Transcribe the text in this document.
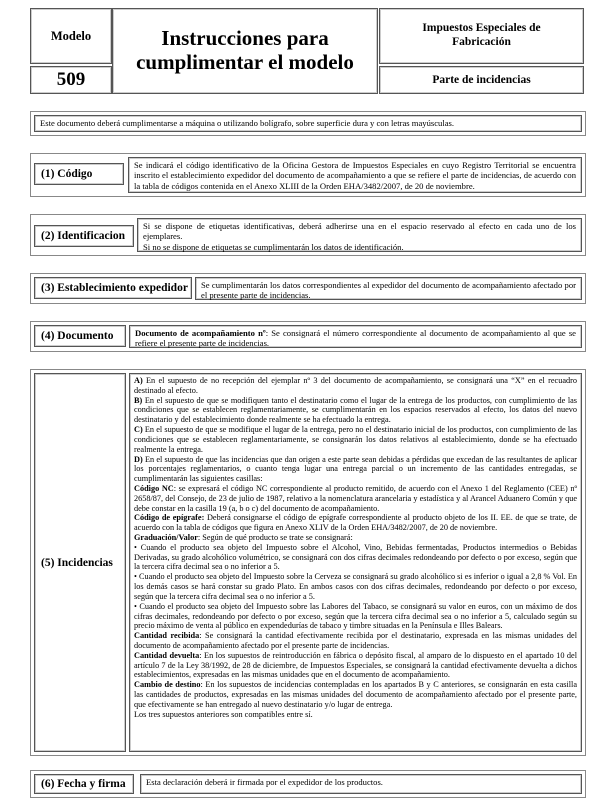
Modelo
509
Instrucciones para cumplimentar el modelo
Impuestos Especiales de Fabricación
Parte de incidencias
Este documento deberá cumplimentarse a máquina o utilizando bolígrafo, sobre superficie dura y con letras mayúsculas.
(1) Código
Se indicará el código identificativo de la Oficina Gestora de Impuestos Especiales en cuyo Registro Territorial se encuentra inscrito el establecimiento expedidor del documento de acompañamiento a que se refiere el parte de incidencias, de acuerdo con la tabla de códigos contenida en el Anexo XLIII de la Orden EHA/3482/2007, de 20 de noviembre.
(2) Identificacion
Si se dispone de etiquetas identificativas, deberá adherirse una en el espacio reservado al efecto en cada uno de los ejemplares.
Si no se dispone de etiquetas se cumplimentarán los datos de identificación.
(3) Establecimiento expedidor	Se cumplimentarán los datos correspondientes al expedidor del documento de acompañamiento afectado por el presente parte de incidencias.
(4) Documento	Documento de acompañamiento nº: Se consignará el número correspondiente al documento de acompañamiento al que se refiere el presente parte de incidencias.
(5) Incidencias

A) En el supuesto de no recepción del ejemplar nº 3 del documento de acompañamiento, se consignará una “X” en el recuadro destinado al efecto.

B) En el supuesto de que se modifiquen tanto el destinatario como el lugar de la entrega de los productos, con cumplimiento de las condiciones que se establecen reglamentariamente, se cumplimentarán en los espacios reservados al efecto, los datos del nuevo destinatario y del establecimiento donde realmente se ha efectuado la entrega.

C) En el supuesto de que se modifique el lugar de la entrega, pero no el destinatario inicial de los productos, con cumplimiento de las condiciones que se establecen reglamentariamente, se consignarán los datos relativos al establecimiento, donde se ha efectuado realmente la entrega.

D) En el supuesto de que las incidencias que dan origen a este parte sean debidas a pérdidas que excedan de las resultantes de aplicar los porcentajes reglamentarios, o cuanto tenga lugar una entrega parcial o un incremento de las cantidades entregadas, se cumplimentarán las siguientes casillas:

Código NC: se expresará el código NC correspondiente al producto remitido, de acuerdo con el Anexo 1 del Reglamento (CEE) nº 2658/87, del Consejo, de 23 de julio de 1987, relativo a la nomenclatura arancelaria y estadística y al Arancel Aduanero Común y que debe constar en la casilla 19 (a, b o c) del documento de acompañamiento.

Código de epígrafe: Deberá consignarse el código de epígrafe correspondiente al producto objeto de los II. EE. de que se trate, de acuerdo con la tabla de códigos que figura en Anexo XLIV de la Orden EHA/3482/2007, de 20 de noviembre.

Graduación/Valor: Según de qué producto se trate se consignará:

• Cuando el producto sea objeto del Impuesto sobre el Alcohol, Vino, Bebidas fermentadas, Productos intermedios o Bebidas Derivadas, su grado alcohólico volumétrico, se consignará con dos cifras decimales redondeando por defecto o por exceso, según que la tercera cifra decimal sea o no inferior a 5.

• Cuando el producto sea objeto del Impuesto sobre la Cerveza se consignará su grado alcohólico si es inferior o igual a 2,8 % Vol. En los demás casos se hará constar su grado Plato. En ambos casos con dos cifras decimales, redondeando por defecto o por exceso, según que la tercera cifra decimal sea o no inferior a 5.

• Cuando el producto sea objeto del Impuesto sobre las Labores del Tabaco, se consignará su valor en euros, con un máximo de dos cifras decimales, redondeando por defecto o por exceso, según que la tercera cifra decimal sea o no inferior a 5, calculado según su precio máximo de venta al público en expendedurías de tabaco y timbre situadas en la Península e Illes Balears.

Cantidad recibida: Se consignará la cantidad efectivamente recibida por el destinatario, expresada en las mismas unidades del documento de acompañamiento afectado por el presente parte de incidencias.

Cantidad devuelta: En los supuestos de reintroducción en fábrica o depósito fiscal, al amparo de lo dispuesto en el apartado 10 del artículo 7 de la Ley 38/1992, de 28 de diciembre, de Impuestos Especiales, se consignará la cantidad efectivamente devuelta a dichos establecimientos, expresadas en las mismas unidades que en el documento de acompañamiento.

Cambio de destino: En los supuestos de incidencias contempladas en los apartados B y C anteriores, se consignarán en esta casilla las cantidades de productos, expresadas en las mismas unidades del documento de acompañamiento afectado por el presente parte, que efectivamente se han entregado al nuevo destinatario y/o lugar de entrega.

Los tres supuestos anteriores son compatibles entre sí.

(6) Fecha y firma	Esta declaración deberá ir firmada por el expedidor de los productos.
